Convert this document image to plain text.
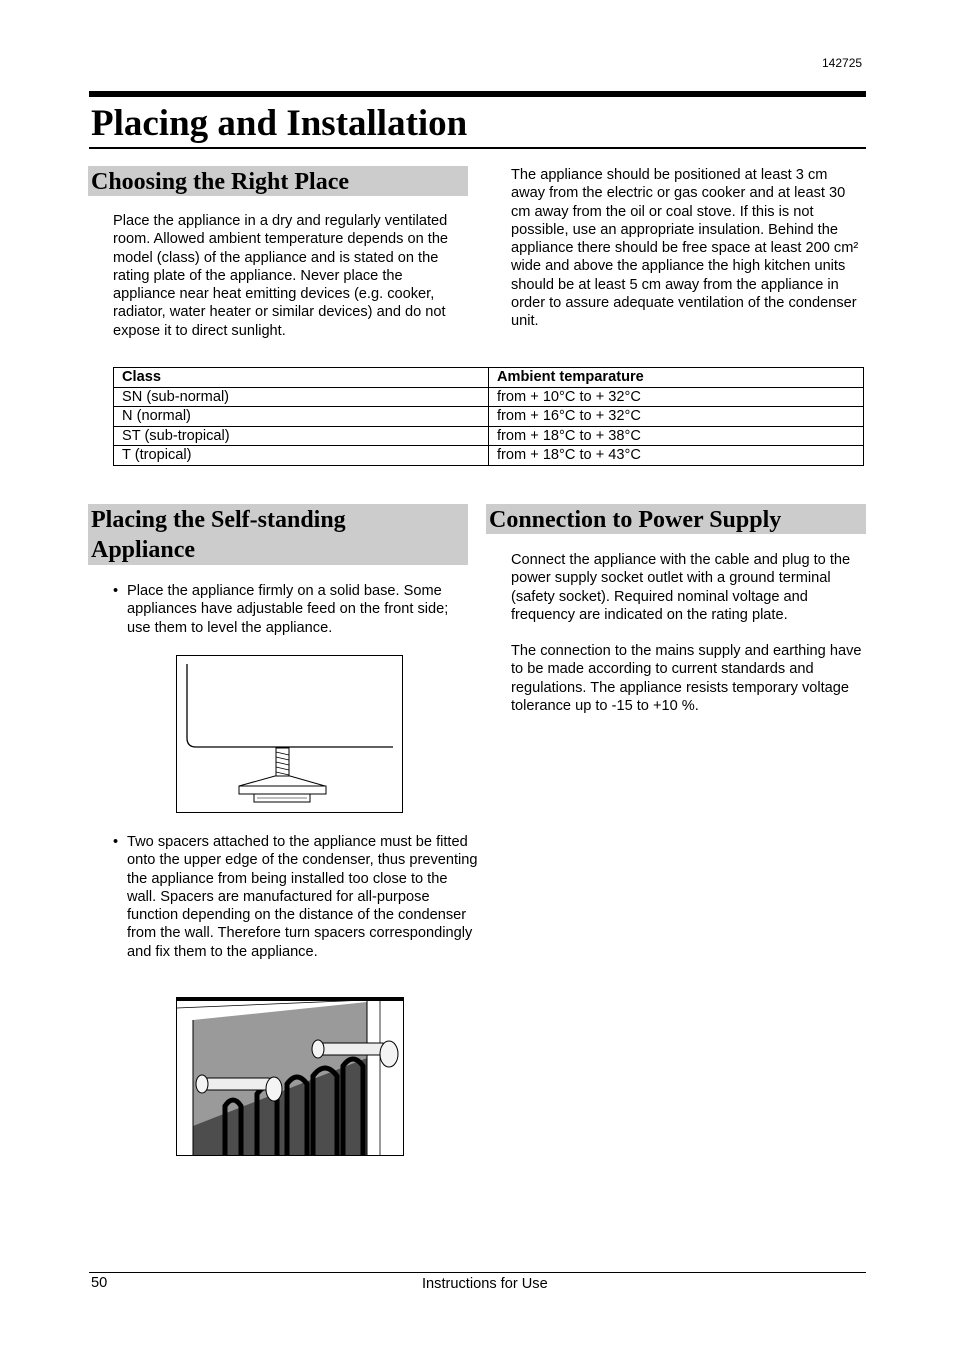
142725
Placing and Installation
Choosing the Right Place

Place the appliance in a dry and regularly ventilated room. Allowed ambient temperature depends on the model (class) of the appliance and is stated on the rating plate of the appliance. Never place the appliance near heat emitting devices (e.g. cooker, radiator, water heater or similar devices) and do not expose it to direct sunlight.

The appliance should be positioned at least 3 cm away from the electric or gas cooker and at least 30 cm away from the oil or coal stove. If this is not possible, use an appropriate insulation. Behind the appliance there should be free space at least 200 cm² wide and above the appliance the high kitchen units should be at least 5 cm away from the appliance in order to assure adequate ventilation of the condenser unit.

Class	Ambient temparature
SN (sub-normal)	from + 10°C to + 32°C
N (normal)	from + 16°C to + 32°C
ST (sub-tropical)	from + 18°C to + 38°C
T (tropical)	from + 18°C to + 43°C
Placing the Self-standing
Appliance
• Place the appliance firmly on a solid base. Some appliances have adjustable feed on the front side; use them to level the appliance.
• Two spacers attached to the appliance must be fitted onto the upper edge of the condenser, thus preventing the appliance from being installed too close to the wall. Spacers are manufactured for all-purpose function depending on the distance of the condenser from the wall. Therefore turn spacers correspondingly and fix them to the appliance.
Connection to Power Supply

Connect the appliance with the cable and plug to the power supply socket outlet with a ground terminal (safety socket). Required nominal voltage and frequency are indicated on the rating plate.

The connection to the mains supply and earthing have to be made according to current standards and regulations. The appliance resists temporary voltage tolerance up to -15 to +10 %.

50	Instructions for Use
